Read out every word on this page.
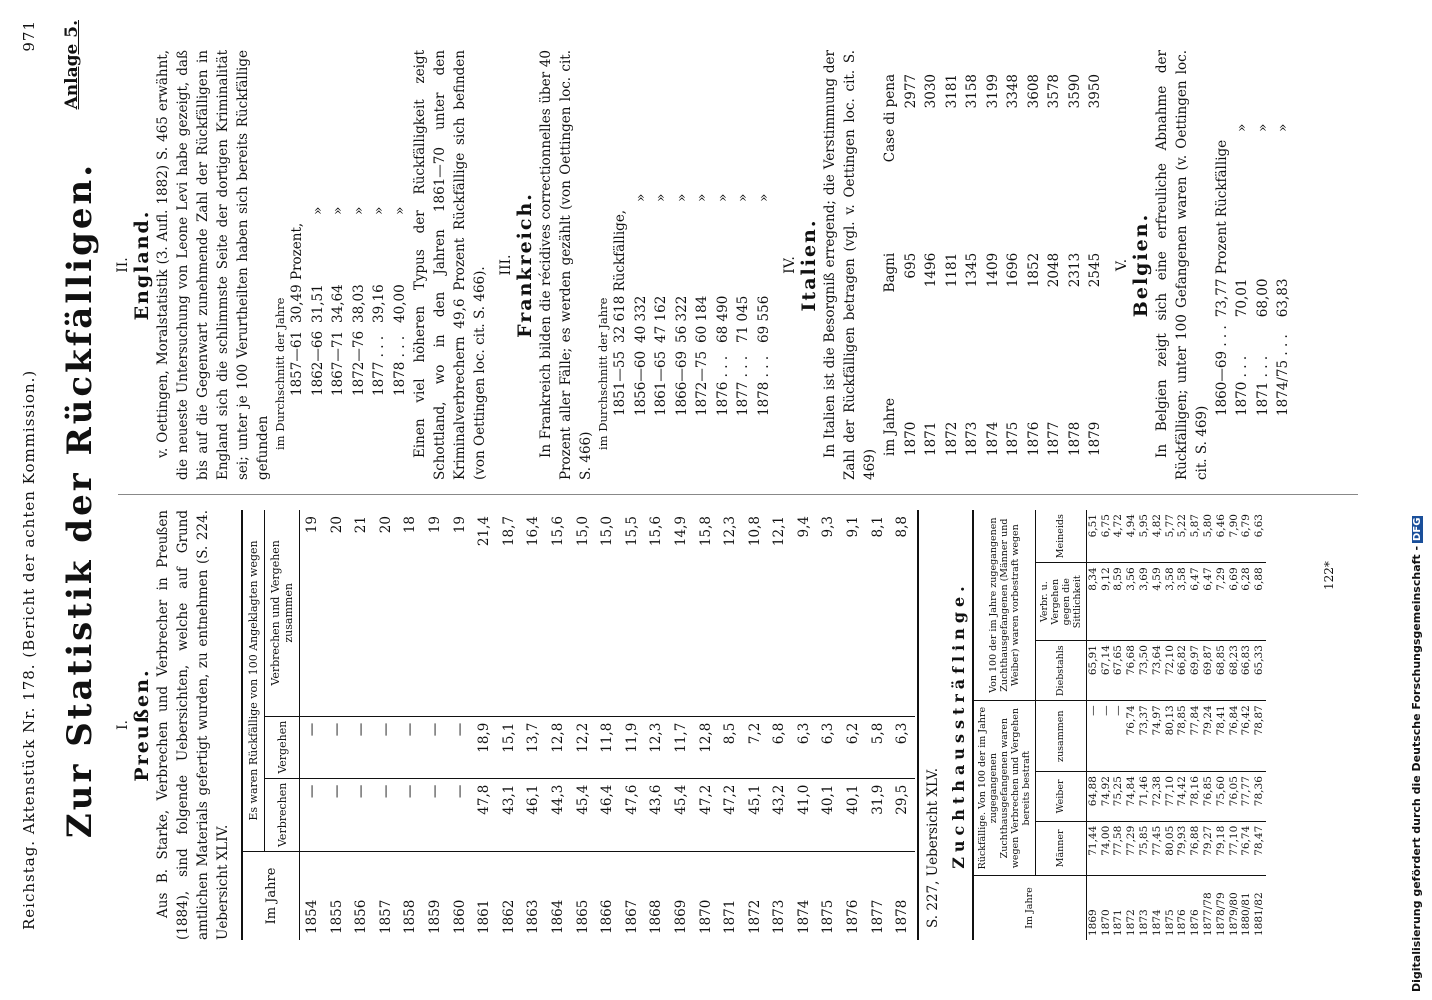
Reichstag. Aktenstück Nr. 178. (Bericht der achten Kommission.)
971 Anlage 5.
Zur Statistik der Rückfälligen. I. Preußen. Aus B. Starke, Verbrechen und Verbrecher in Preußen (1884), sind folgende Uebersichten, welche auf Grund amtlichen Materials gefertigt wurden, zu entnehmen (S. 224. Uebersicht XLIV.	Im Jahre	Es waren Rückfällige von 100 Angeklagten wegen		
	Verbrechen	Vergehen	Verbrechen und Vergehen zusammen
1854	—	—	19
1855	—	—	20
1856	—	—	21
1857	—	—	20
1858	—	—	18
1859	—	—	19
1860	—	—	19
1861	47,8	18,9	21,4
1862	43,1	15,1	18,7
1863	46,1	13,7	16,4
1864	44,3	12,8	15,6
1865	45,4	12,2	15,0
1866	46,4	11,8	15,0
1867	47,6	11,9	15,5
1868	43,6	12,3	15,6
1869	45,4	11,7	14,9
1870	47,2	12,8	15,8
1871	47,2	8,5	12,3
1872	45,1	7,2	10,8
1873	43,2	6,8	12,1
1874	41,0	6,3	9,4
1875	40,1	6,3	9,3
1876	40,1	6,2	9,1
1877	31,9	5,8	8,1
1878	29,5	6,3	8,8
S. 227, Uebersicht XLV. Zuchthaussträflinge.
Im Jahre	Rückfällige. Von 100 der im Jahre zugegangenen Zuchthausgefangenen waren wegen Verbrechen und Vergehen bereits bestraft			Von 100 der im Jahre zugegangenen Zuchthausgefangenen (Männer und Weiber) waren vorbestraft wegen		
	Männer	Weiber	zusammen	Diebstahls	Verbr. u. Vergehen gegen die Sittlichkeit	Meineids
1869	71,44	64,88	—	65,91	8,34	6,51
1870	74,00	74,92	—	67,14	9,12	6,75
1871	77,58	75,25	—	67,65	8,59	4,72
1872	77,29	74,84	76,74	76,68	3,56	4,94
1873	75,85	71,46	73,37	73,50	3,69	5,95
1874	77,45	72,38	74,97	73,64	4,59	4,82
1875	80,05	77,10	80,13	72,10	3,58	5,77
1876	79,93	74,42	78,85	66,82	3,58	5,22
1876	76,88	78,16	77,84	69,97	6,47	5,87
1877/78	79,27	76,85	79,24	69,87	6,47	5,80
1878/79	79,18	75,60	78,41	68,85	7,29	6,46
1879/80	77,10	76,05	76,84	68,23	6,69	7,90
1880/81	76,74	77,77	76,42	66,83	6,28	6,79
1881/82	78,47	78,36	78,87	65,33	6,88	6,63
II. England. v. Oettingen, Moralstatistik (3. Aufl. 1882) S. 465 erwähnt, die neueste Untersuchung von Leone Levi habe gezeigt, daß bis auf die Gegenwart zunehmende Zahl der Rückfälligen in England sich die schlimmste Seite der dortigen Kriminalität sei; unter je 100 Verurtheilten haben sich bereits Rückfällige gefunden im Durchschnitt der Jahre 1857—61	30,49 Prozent,	
1862—66	31,51	»
1867—71	34,64	»
1872—76	38,03	»
1877 . . .	39,16	»
1878 . . .	40,00	» Einen viel höheren Typus der Rückfälligkeit zeigt Schottland, wo in den Jahren 1861—70 unter den Kriminalverbrechern 49,6 Prozent Rückfällige sich befinden (von Oettingen loc. cit. S. 466).
III. Frankreich. In Frankreich bilden die récidives correctionnelles über 40 Prozent aller Fälle; es werden gezählt (von Oettingen loc. cit. S. 466)
im Durchschnitt der Jahre 1851—55	32 618 Rückfällige,	
1856—60	40 332	»
1861—65	47 162	»
1866—69	56 322	»
1872—75	60 184	»
1876 . . .	68 490	»
1877 . . .	71 045	»
1878 . . .	69 556	»
IV. Italien. In Italien ist die Besorgniß erregend; die Verstimmung der Zahl der Rückfälligen betragen (vgl. v. Oettingen loc. cit. S. 469)
im Jahre	Bagni	Case di pena
1870	695	2977
1871	1496	3030
1872	1181	3181
1873	1345	3158
1874	1409	3199
1875	1696	3348
1876	1852	3608
1877	2048	3578
1878	2313	3590
1879	2545	3950
V. Belgien. In Belgien zeigt sich eine erfreuliche Abnahme der Rückfälligen; unter 100 Gefangenen waren (v. Oettingen loc. cit. S. 469)
1860—69 . . .	73,77 Prozent Rückfällige	
1870 . . .	70,01	»
1871 . . .	68,00	»
1874/75 . . .	63,83	»
122*	Digitalisierung gefördert durch die Deutsche Forschungsgemeinschaft -DFG
